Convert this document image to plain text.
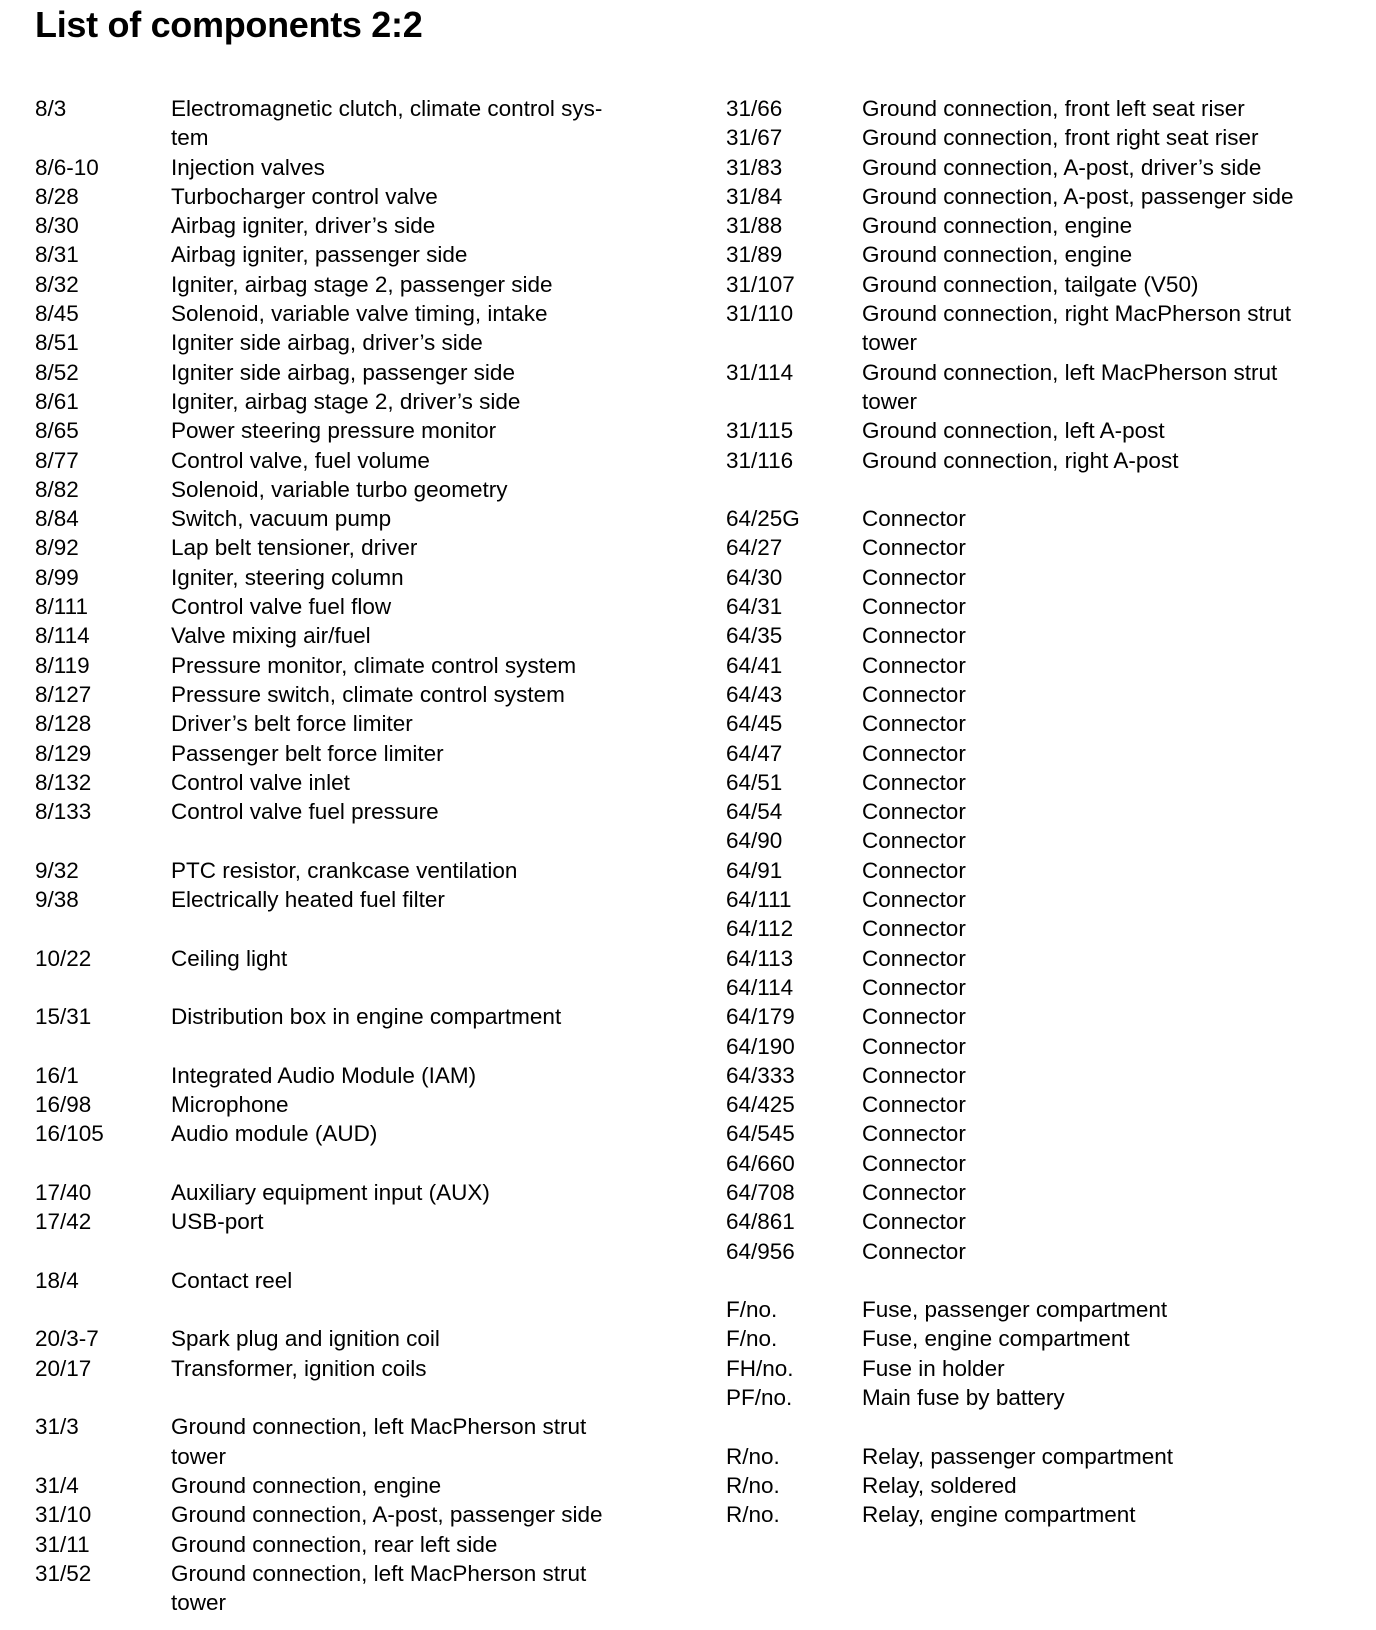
List of components 2:2
8/3	Electromagnetic clutch, climate control sys-tem
8/6-10	Injection valves
8/28	Turbocharger control valve
8/30	Airbag igniter, driver’s side
8/31	Airbag igniter, passenger side
8/32	Igniter, airbag stage 2, passenger side
8/45	Solenoid, variable valve timing, intake
8/51	Igniter side airbag, driver’s side
8/52	Igniter side airbag, passenger side
8/61	Igniter, airbag stage 2, driver’s side
8/65	Power steering pressure monitor
8/77	Control valve, fuel volume
8/82	Solenoid, variable turbo geometry
8/84	Switch, vacuum pump
8/92	Lap belt tensioner, driver
8/99	Igniter, steering column
8/111	Control valve fuel flow
8/114	Valve mixing air/fuel
8/119	Pressure monitor, climate control system
8/127	Pressure switch, climate control system
8/128	Driver’s belt force limiter
8/129	Passenger belt force limiter
8/132	Control valve inlet
8/133	Control valve fuel pressure
9/32	PTC resistor, crankcase ventilation
9/38	Electrically heated fuel filter
10/22	Ceiling light
15/31	Distribution box in engine compartment
16/1	Integrated Audio Module (IAM)
16/98	Microphone
16/105	Audio module (AUD)
17/40	Auxiliary equipment input (AUX)
17/42	USB-port
18/4	Contact reel
20/3-7	Spark plug and ignition coil
20/17	Transformer, ignition coils
31/3	Ground connection, left MacPherson strut tower
31/4	Ground connection, engine
31/10	Ground connection, A-post, passenger side
31/11	Ground connection, rear left side
31/52	Ground connection, left MacPherson strut tower
31/66	Ground connection, front left seat riser
31/67	Ground connection, front right seat riser
31/83	Ground connection, A-post, driver’s side
31/84	Ground connection, A-post, passenger side
31/88	Ground connection, engine
31/89	Ground connection, engine
31/107	Ground connection, tailgate (V50)
31/110	Ground connection, right MacPherson strut tower
31/114	Ground connection, left MacPherson strut tower
31/115	Ground connection, left A-post
31/116	Ground connection, right A-post
64/25G	Connector
64/27	Connector
64/30	Connector
64/31	Connector
64/35	Connector
64/41	Connector
64/43	Connector
64/45	Connector
64/47	Connector
64/51	Connector
64/54	Connector
64/90	Connector
64/91	Connector
64/111	Connector
64/112	Connector
64/113	Connector
64/114	Connector
64/179	Connector
64/190	Connector
64/333	Connector
64/425	Connector
64/545	Connector
64/660	Connector
64/708	Connector
64/861	Connector
64/956	Connector
F/no.	Fuse, passenger compartment
F/no.	Fuse, engine compartment
FH/no.	Fuse in holder
PF/no.	Main fuse by battery
R/no.	Relay, passenger compartment
R/no.	Relay, soldered
R/no.	Relay, engine compartment
